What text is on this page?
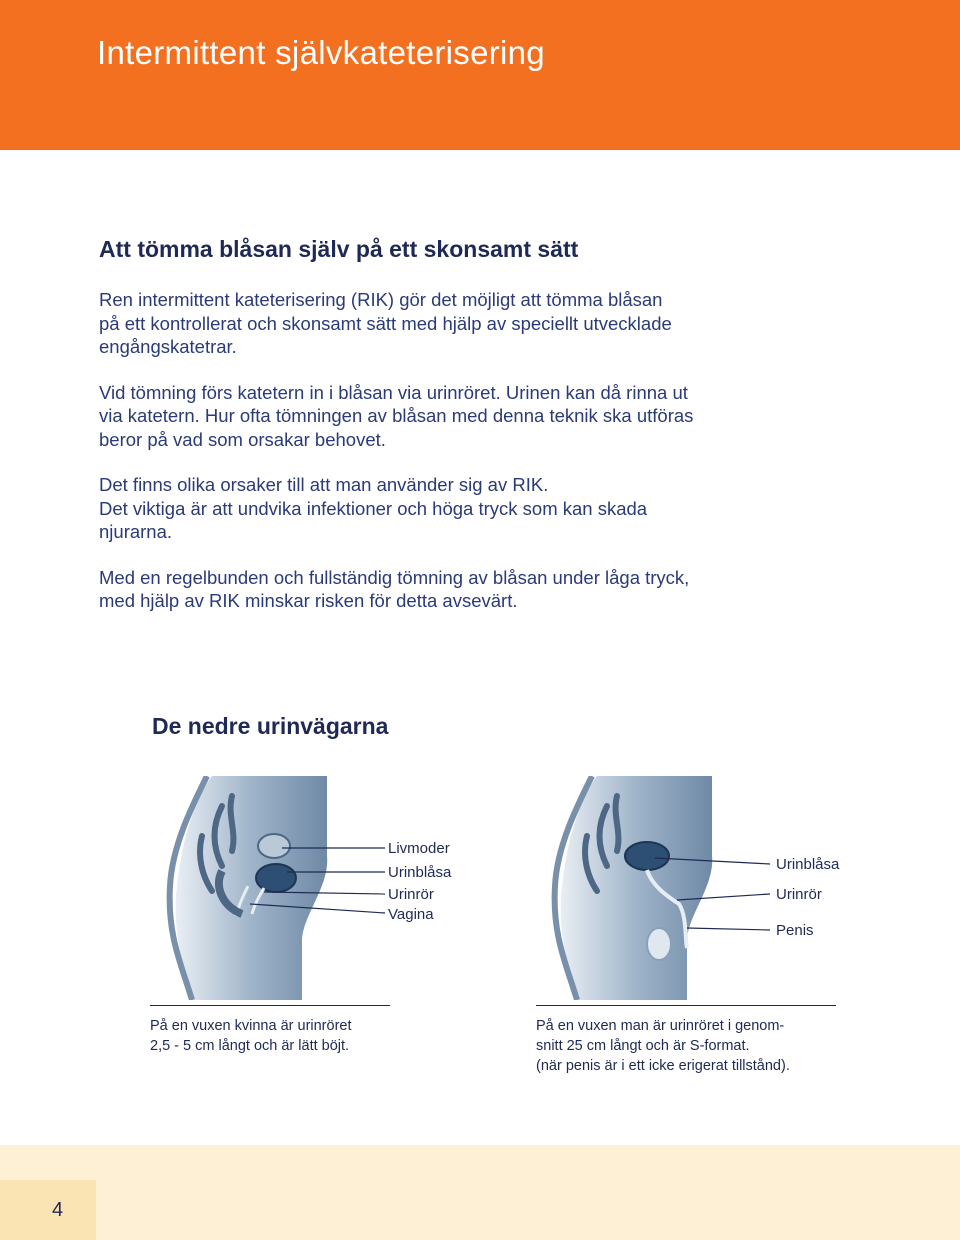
Intermittent självkateterisering
Att tömma blåsan själv på ett skonsamt sätt

Ren intermittent kateterisering (RIK) gör det möjligt att tömma blåsan
på ett kontrollerat och skonsamt sätt med hjälp av speciellt utvecklade
engångskatetrar.

Vid tömning förs katetern in i blåsan via urinröret. Urinen kan då rinna ut
via katetern. Hur ofta tömningen av blåsan med denna teknik ska utföras
beror på vad som orsakar behovet.

Det finns olika orsaker till att man använder sig av RIK.
Det viktiga är att undvika infektioner och höga tryck som kan skada
njurarna.

Med en regelbunden och fullständig tömning av blåsan under låga tryck,
med hjälp av RIK minskar risken för detta avsevärt.

De nedre urinvägarna
Livmoder
Urinblåsa
Urinrör
Vagina
På en vuxen kvinna är urinröret
2,5 - 5 cm långt och är lätt böjt.
Urinblåsa
Urinrör
Penis
På en vuxen man är urinröret i genom-
snitt 25 cm långt och är S-format.
(när penis är i ett icke erigerat tillstånd).
4
